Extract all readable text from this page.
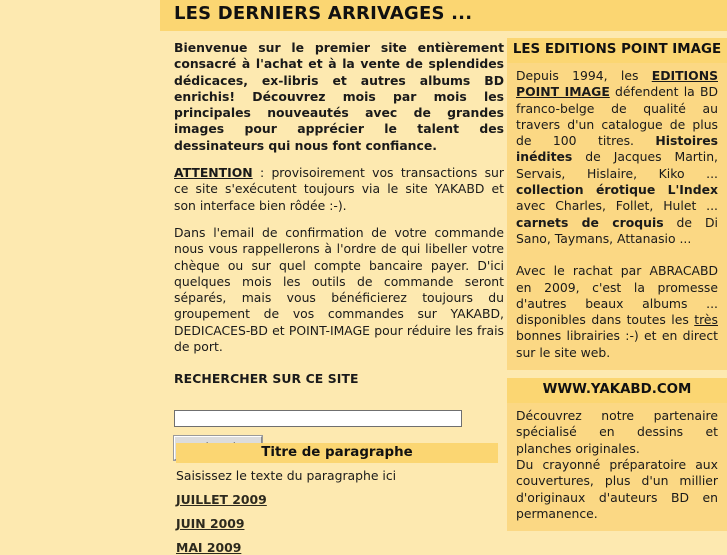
LES DERNIERS ARRIVAGES ...

Bienvenue sur le premier site entièrement consacré à l'achat et à la vente de splendides dédicaces, ex-libris et autres albums BD enrichis! Découvrez mois par mois les principales nouveautés avec de grandes images pour apprécier le talent des dessinateurs qui nous font confiance.

ATTENTION : provisoirement vos transactions sur ce site s'exécutent toujours via le site YAKABD et son interface bien rôdée :-).

Dans l'email de confirmation de votre commande nous vous rappellerons à l'ordre de qui libeller votre chèque ou sur quel compte bancaire payer. D'ici quelques mois les outils de commande seront séparés, mais vous bénéficierez toujours du groupement de vos commandes sur YAKABD, DEDICACES-BD et POINT-IMAGE pour réduire les frais de port.

RECHERCHER SUR CE SITE
Titre de paragraphe

Saisissez le texte du paragraphe ici

JUILLET 2009
JUIN 2009
MAI 2009
LES EDITIONS POINT IMAGE

Depuis 1994, les EDITIONS POINT IMAGE défendent la BD franco-belge de qualité au travers d'un catalogue de plus de 100 titres. Histoires inédites de Jacques Martin, Servais, Hislaire, Kiko ... collection érotique L'Index avec Charles, Follet, Hulet ... carnets de croquis de Di Sano, Taymans, Attanasio ...

Avec le rachat par ABRACABD en 2009, c'est la promesse d'autres beaux albums ... disponibles dans toutes les très bonnes librairies :-) et en direct sur le site web.

WWW.YAKABD.COM

Découvrez notre partenaire spécialisé en dessins et planches originales.

Du crayonné préparatoire aux couvertures, plus d'un millier d'originaux d'auteurs BD en permanence.
